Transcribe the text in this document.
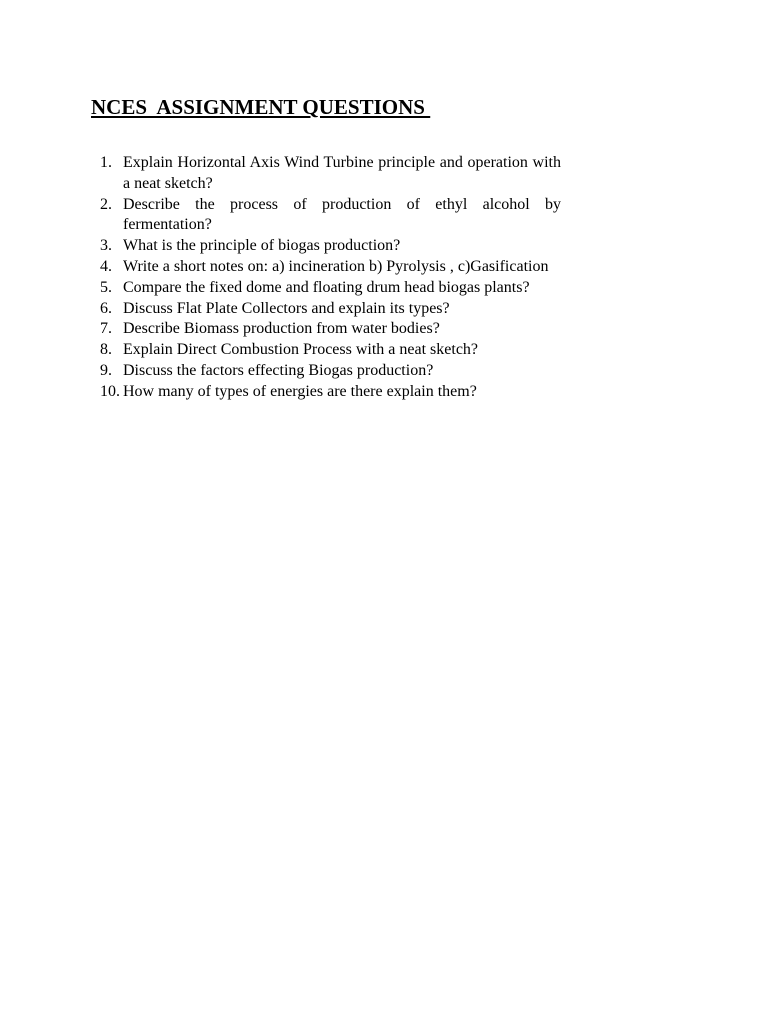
NCES  ASSIGNMENT QUESTIONS
1. Explain Horizontal Axis Wind Turbine principle and operation with a neat sketch?
2. Describe the process of production of ethyl alcohol by fermentation?
3. What is the principle of biogas production?
4. Write a short notes on: a) incineration b) Pyrolysis , c)Gasification
5. Compare the fixed dome and floating drum head biogas plants?
6. Discuss Flat Plate Collectors and explain its types?
7. Describe Biomass production from water bodies?
8. Explain Direct Combustion Process with a neat sketch?
9. Discuss the factors effecting Biogas production?
10. How many of types of energies are there explain them?
